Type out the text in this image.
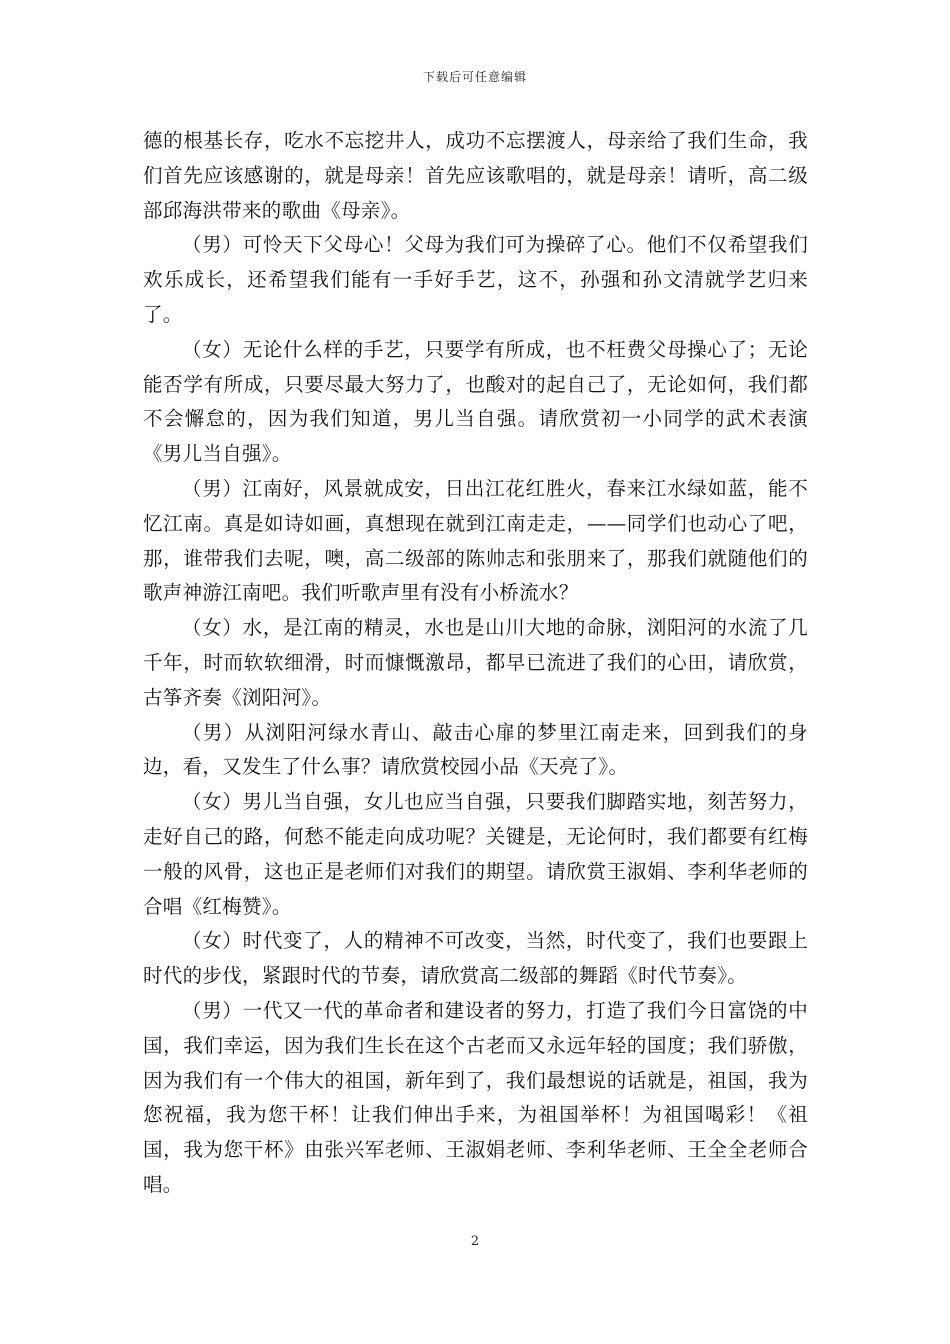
下载后可任意编辑

德的根基长存，吃水不忘挖井人，成功不忘摆渡人，母亲给了我们生命，我们首先应该感谢的，就是母亲！首先应该歌唱的，就是母亲！请听，高二级部邱海洪带来的歌曲《母亲》。

（男）可怜天下父母心！父母为我们可为操碎了心。他们不仅希望我们欢乐成长，还希望我们能有一手好手艺，这不，孙强和孙文清就学艺归来了。

（女）无论什么样的手艺，只要学有所成，也不枉费父母操心了；无论能否学有所成，只要尽最大努力了，也酸对的起自己了，无论如何，我们都不会懈怠的，因为我们知道，男儿当自强。请欣赏初一小同学的武术表演《男儿当自强》。

（男）江南好，风景就成安，日出江花红胜火，春来江水绿如蓝，能不忆江南。真是如诗如画，真想现在就到江南走走，——同学们也动心了吧，那，谁带我们去呢，噢，高二级部的陈帅志和张朋来了，那我们就随他们的歌声神游江南吧。我们听歌声里有没有小桥流水？

（女）水，是江南的精灵，水也是山川大地的命脉，浏阳河的水流了几千年，时而软软细滑，时而慷慨激昂，都早已流进了我们的心田，请欣赏，古筝齐奏《浏阳河》。

（男）从浏阳河绿水青山、敲击心扉的梦里江南走来，回到我们的身边，看，又发生了什么事？请欣赏校园小品《天亮了》。

（女）男儿当自强，女儿也应当自强，只要我们脚踏实地，刻苦努力，走好自己的路，何愁不能走向成功呢？关键是，无论何时，我们都要有红梅一般的风骨，这也正是老师们对我们的期望。请欣赏王淑娟、李利华老师的合唱《红梅赞》。

（女）时代变了，人的精神不可改变，当然，时代变了，我们也要跟上时代的步伐，紧跟时代的节奏，请欣赏高二级部的舞蹈《时代节奏》。

（男）一代又一代的革命者和建设者的努力，打造了我们今日富饶的中国，我们幸运，因为我们生长在这个古老而又永远年轻的国度；我们骄傲，因为我们有一个伟大的祖国，新年到了，我们最想说的话就是，祖国，我为您祝福，我为您干杯！让我们伸出手来，为祖国举杯！为祖国喝彩！《祖国，我为您干杯》由张兴军老师、王淑娟老师、李利华老师、王全全老师合唱。

2
